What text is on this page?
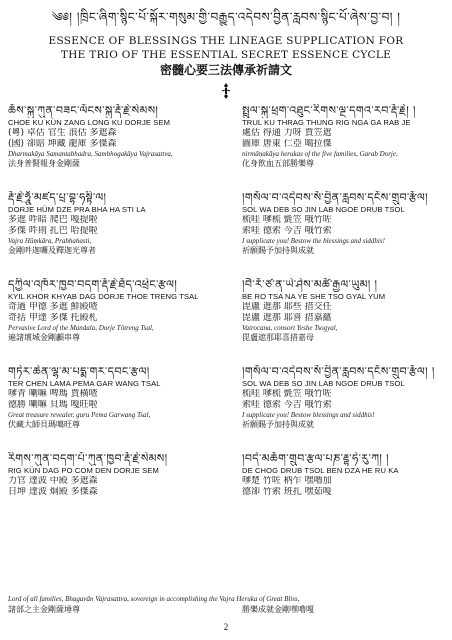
༄༅། །ཁྲིང་ཞིག་སྙིང་པོ་སྐོར་གསུམ་གྱི་བརྒྱུད་འདེབས་བྱིན་རླབས་སྙིང་པོ་ཞེས་བྱ་བ། །
ESSENCE OF BLESSINGS THE LINEAGE SUPPLICATION FOR
THE TRIO OF THE ESSENTIAL SECRET ESSENCE CYCLE
密髓心要三法傳承祈請文
ཆོས་སྐུ་ཀུན་བཟང་ལོངས་སྐུ་རྡོ་རྗེ་སེམས།
CHOE KU KÜN ZANG LONG KU DORJE SEM
(粵) 卓估 官生 浪估 多遮森
(國) 卻賠 坤藏 龍庫 多傑森
Dharmakāya Samantabhadra, Sambhogakāya Vajrasattva,
法身普賢報身金剛薩
རྡོ་རྗེ་ཧཱུྃ་མཛད་པྲ་བྷ་ཧསྟི་ལ།
DORJE HÜM DZE PRA BHA HA STI LA
多遮 吽暗 爬巴 嘎提啦
多傑 吽則 扎巴 哈提啦
Vajra Hūṃkāra, Prabhahasti,
金剛吽迦囉及釋迦光尊者
དཀྱིལ་འཁོར་ཁྱབ་བདག་རྡོ་རྗེ་ཐོད་འཕྲེང་རྩལ།
KYIL KHOR KHYAB DAG DORJE THOE TRENG TSAL
奇過 甲德 多遮 鮮殿喳
奇括 甲達 多傑 托殿札
Pervasive Lord of the Mandala, Dorje Tötreng Tsal,
遍諸壇城金剛顱串尊
གཏེར་ཆེན་ལྷ་མ་པདྨ་གར་དབང་རྩལ།
TER CHEN LAMA PEMA GAR WANG TSAL
嗲青 喇嘛 啤瑪 賈橫喳
德勝 喇嘛 貝瑪 嘎旺啦
Great treasure revealer, guru Pema Garwang Tsal,
伏藏大師貝瑪噶旺尊
རིགས་ཀུན་བདག་པོ་ཀུན་ཁྱབ་རྡོ་རྗེ་སེམས།
RIG KÜN DAG PO COM DEN DORJE SEM
力官 達波 中殿 多遮森
日坤 達波 炯殿 多傑森
སྤྲུལ་སྐུ་ཕྲག་འཐུང་རིགས་ལྔ་དགའ་རབ་རྡོ་རྗེ། །
TRUL KU THRAG THUNG RIG NGA GA RAB JE
處估 得通 力呀 賈笠遮
圖庫 唐東 仁亞 噶拉傑
nirmāṇakāya herukas of the five families, Garab Dorje,
化身飲血五部勝樂尊
།གསོལ་བ་འདེབས་སོ་བྱིན་རླབས་དངོས་གྲུབ་རྩོལ།
SOL WA DEB SO JIN LAB NGOE DRUB TSOL
梳哇 嗲梳 氈笠 哦竹咗
索哇 德索 今吉 哦竹索
I supplicate you! Bestow the blessings and siddhis!
祈願賜予加持與成就
།བཻ་རོ་ཙ་ན་ཡེ་ཤེས་མཚོ་རྒྱལ་ཡུམ། །
BE RO TSA NA YE SHE TSO GYAL YUM
毘盧 遮那 耶些 措交任
毘盧 遮那 耶喜 措嘉蘊
Vairocana, consort Yeshe Tsogyal,
毘盧遮那耶喜措嘉母
།གསོལ་བ་འདེབས་སོ་བྱིན་རླབས་དངོས་གྲུབ་རྩོལ། །
SOL WA DEB SO JIN LAB NGOE DRUB TSOL
梳哇 嗲梳 氈笠 哦竹咗
索哇 德索 今吉 哦竹索
I supplicate you! Bestow blessings and siddhis!
祈願賜予加持與成就
།བདེ་མཆོག་གྲུབ་རྩལ་པཎ་རྡྷ་ཧེ་རུ་ཀ། །
DE CHOG DRUB TSOL BEN DZA HE RU KA
嗲楚 竹咗 柄乍 嘿嚕加
德卻 竹索 班扎 嘿茹嘎
Lord of all families, Bhagavān Vajrasattva, sovereign in accomplishing the Vajra Heruka of Great Bliss,
諸部之主金剛薩埵尊	勝樂成就金剛嘿嚕嘎
2
